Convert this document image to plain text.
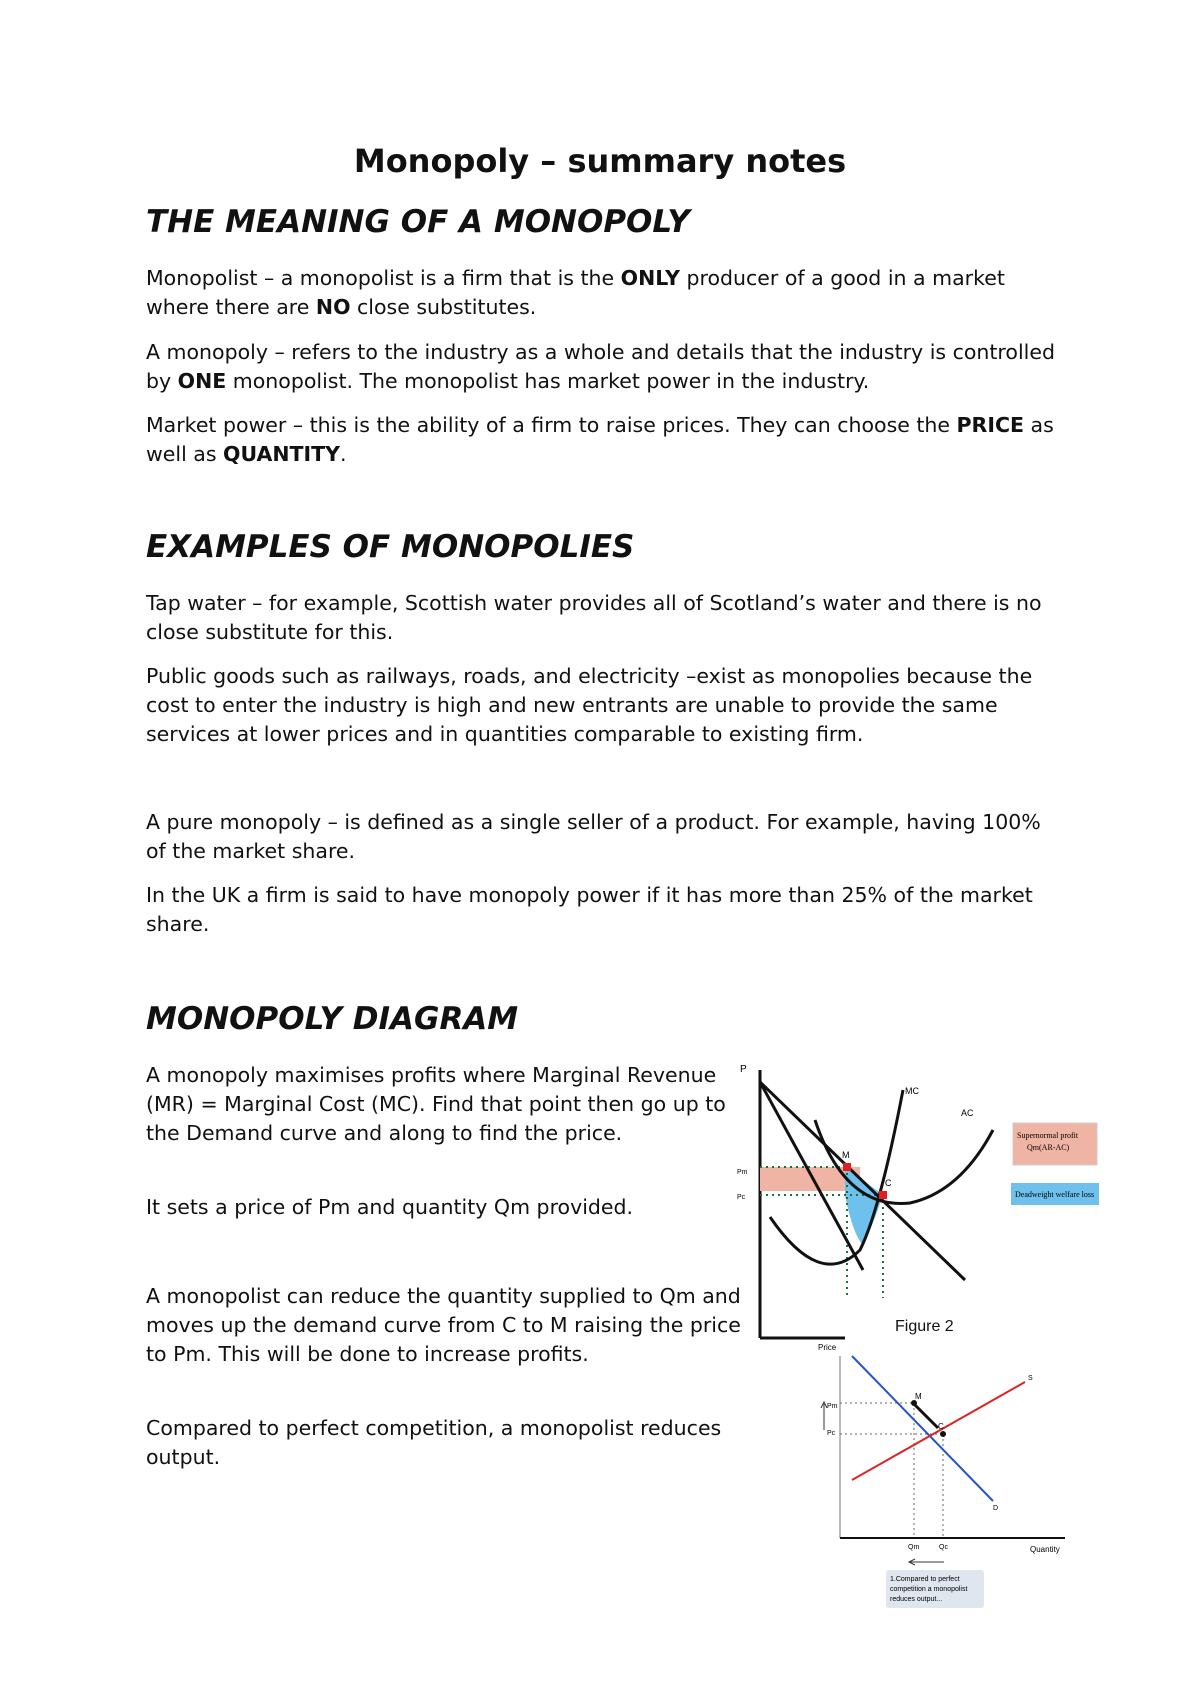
Monopoly – summary notes
THE MEANING OF A MONOPOLY

Monopolist – a monopolist is a firm that is the ONLY producer of a good in a market where there are NO close substitutes.

A monopoly – refers to the industry as a whole and details that the industry is controlled by ONE monopolist. The monopolist has market power in the industry.

Market power – this is the ability of a firm to raise prices. They can choose the PRICE as well as QUANTITY.

EXAMPLES OF MONOPOLIES

Tap water – for example, Scottish water provides all of Scotland’s water and there is no close substitute for this.

Public goods such as railways, roads, and electricity –exist as monopolies because the cost to enter the industry is high and new entrants are unable to provide the same services at lower prices and in quantities comparable to existing firm.

A pure monopoly – is defined as a single seller of a product. For example, having 100% of the market share.

In the UK a firm is said to have monopoly power if it has more than 25% of the market share.

MONOPOLY DIAGRAM

A monopoly maximises profits where Marginal Revenue (MR) = Marginal Cost (MC). Find that point then go up to the Demand curve and along to find the price.

It sets a price of Pm and quantity Qm provided.

A monopolist can reduce the quantity supplied to Qm and moves up the demand curve from C to M raising the price to Pm. This will be done to increase profits.

Compared to perfect competition, a monopolist reduces output.

P
Pm
Pc
M
C
MC
AC
Supernormal profit
Qm(AR-AC)
Deadweight welfare loss

Figure 2

Price
Quantity
Pm
Pc
M
C
S
D
Qm	Qc
1.Compared to perfect
competition a monopolist
reduces output...
